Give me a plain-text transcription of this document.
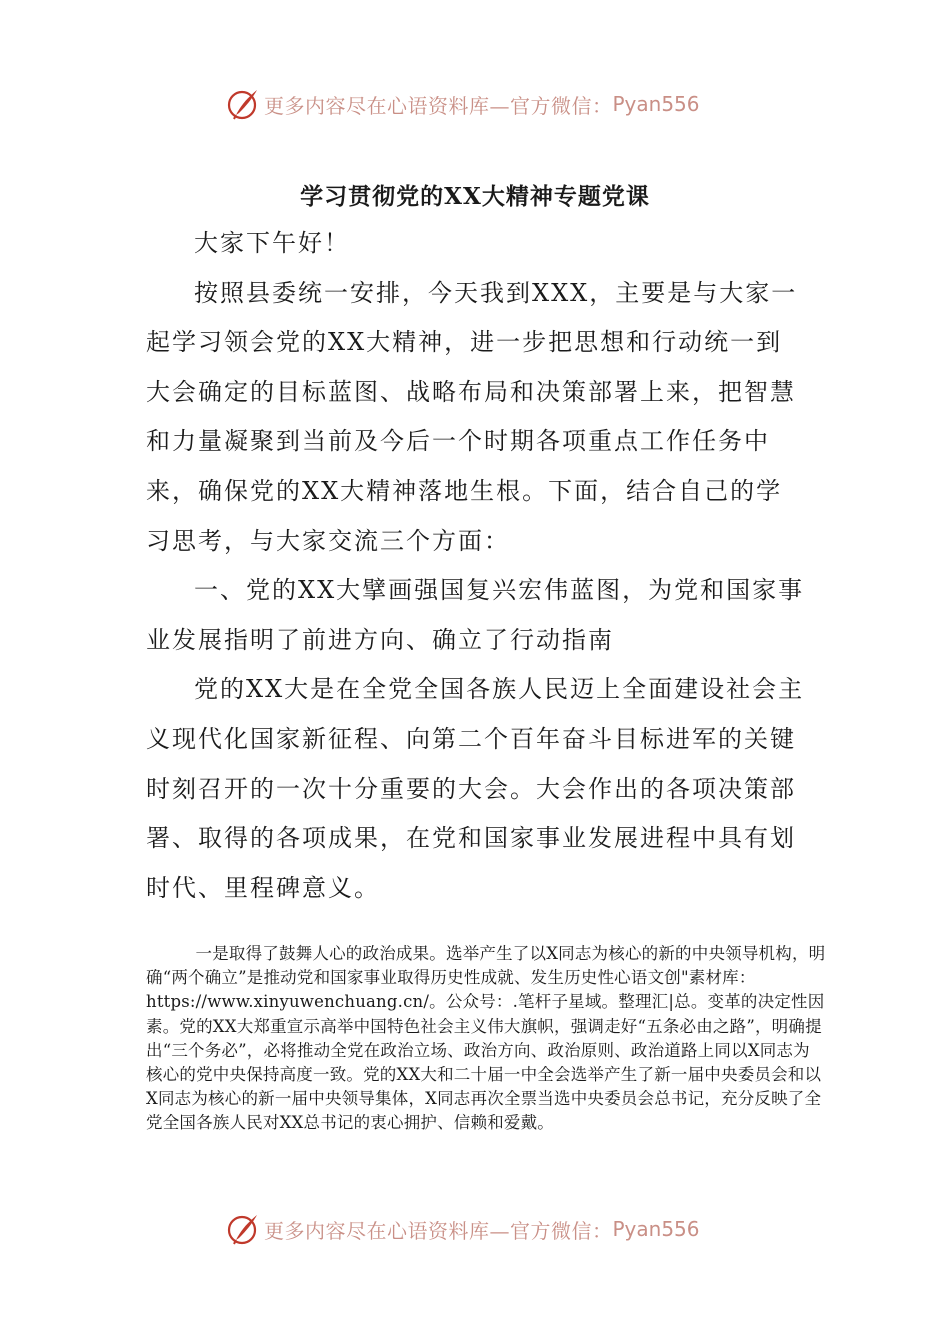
更多内容尽在心语资料库—官方微信： Pyan556
学习贯彻党的XX大精神专题党课

大家下午好！

按照县委统一安排，今天我到XXX，主要是与大家一起学习领会党的XX大精神，进一步把思想和行动统一到大会确定的目标蓝图、战略布局和决策部署上来，把智慧和力量凝聚到当前及今后一个时期各项重点工作任务中来，确保党的XX大精神落地生根。下面，结合自己的学习思考，与大家交流三个方面：

一、党的XX大擘画强国复兴宏伟蓝图，为党和国家事业发展指明了前进方向、确立了行动指南

党的XX大是在全党全国各族人民迈上全面建设社会主义现代化国家新征程、向第二个百年奋斗目标进军的关键时刻召开的一次十分重要的大会。大会作出的各项决策部署、取得的各项成果，在党和国家事业发展进程中具有划时代、里程碑意义。

一是取得了鼓舞人心的政治成果。选举产生了以X同志为核心的新的中央领导机构，明确“两个确立”是推动党和国家事业取得历史性成就、发生历史性心语文创"素材库：https://www.xinyuwenchuang.cn/。公众号：.笔杆子星域。整理汇|总。变革的决定性因素。党的XX大郑重宣示高举中国特色社会主义伟大旗帜，强调走好“五条必由之路”，明确提出“三个务必”，必将推动全党在政治立场、政治方向、政治原则、政治道路上同以X同志为核心的党中央保持高度一致。党的XX大和二十届一中全会选举产生了新一届中央委员会和以X同志为核心的新一届中央领导集体，X同志再次全票当选中央委员会总书记，充分反映了全党全国各族人民对XX总书记的衷心拥护、信赖和爱戴。

更多内容尽在心语资料库—官方微信： Pyan556
